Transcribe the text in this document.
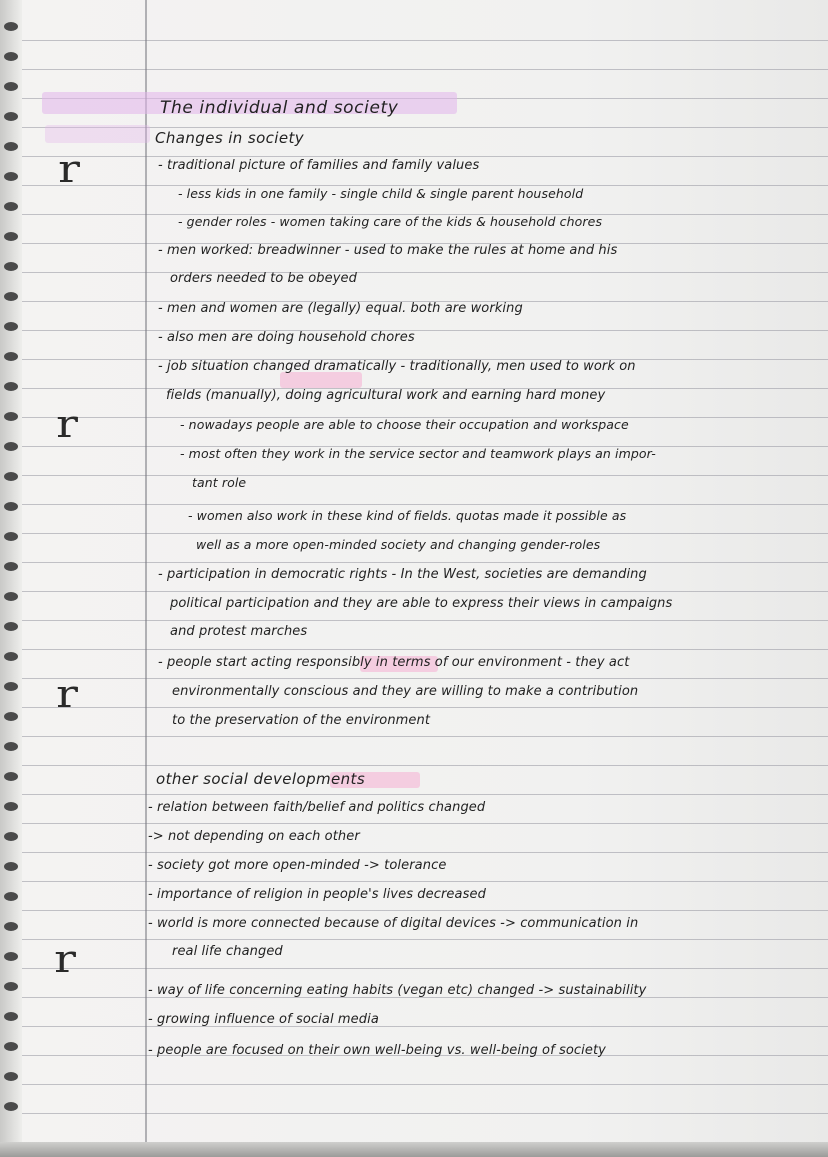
r
r
r
r
The individual and society
Changes in society
- traditional picture of families and family values
- less kids in one family - single child & single parent household
- gender roles - women taking care of the kids & household chores
- men worked: breadwinner - used to make the rules at home and his
orders needed to be obeyed
- men and women are (legally) equal. both are working
- also men are doing household chores
- job situation changed dramatically - traditionally, men used to work on
fields (manually), doing agricultural work and earning hard money
- nowadays people are able to choose their occupation and workspace
- most often they work in the service sector and teamwork plays an impor-
tant role
- women also work in these kind of fields. quotas made it possible as
well as a more open-minded society and changing gender-roles
- participation in democratic rights - In the West, societies are demanding
political participation and they are able to express their views in campaigns
and protest marches
- people start acting responsibly in terms of our environment - they act
environmentally conscious and they are willing to make a contribution
to the preservation of the environment
other social developments
- relation between faith/belief and politics changed
-> not depending on each other
- society got more open-minded -> tolerance
- importance of religion in people's lives decreased
- world is more connected because of digital devices -> communication in
real life changed
- way of life concerning eating habits (vegan etc) changed -> sustainability
- growing influence of social media
- people are focused on their own well-being vs. well-being of society
